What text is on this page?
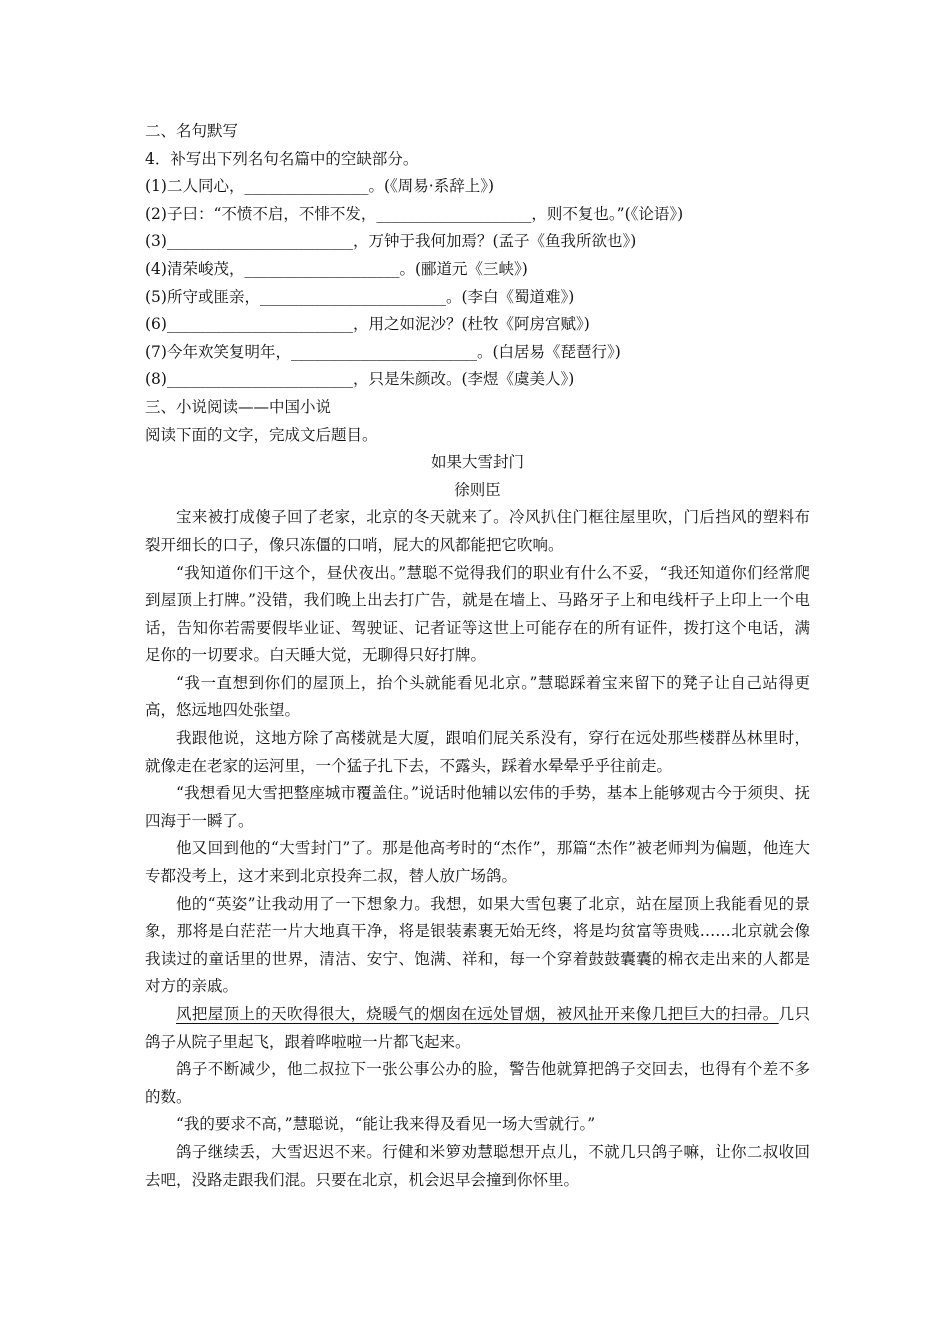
二、名句默写
4．补写出下列名句名篇中的空缺部分。
(1)二人同心，________________。(《周易·系辞上》)
(2)子曰：“不愤不启，不悱不发，____________________，则不复也。”(《论语》)
(3)________________________，万钟于我何加焉？(孟子《鱼我所欲也》)
(4)清荣峻茂，____________________。(郦道元《三峡》)
(5)所守或匪亲，________________________。(李白《蜀道难》)
(6)________________________，用之如泥沙？(杜牧《阿房宫赋》)
(7)今年欢笑复明年，________________________。(白居易《琵琶行》)
(8)________________________，只是朱颜改。(李煜《虞美人》)
三、小说阅读——中国小说
阅读下面的文字，完成文后题目。
如果大雪封门
徐则臣

宝来被打成傻子回了老家，北京的冬天就来了。冷风扒住门框往屋里吹，门后挡风的塑料布裂开细长的口子，像只冻僵的口哨，屁大的风都能把它吹响。

“我知道你们干这个，昼伏夜出。”慧聪不觉得我们的职业有什么不妥，“我还知道你们经常爬到屋顶上打牌。”没错，我们晚上出去打广告，就是在墙上、马路牙子上和电线杆子上印上一个电话，告知你若需要假毕业证、驾驶证、记者证等这世上可能存在的所有证件，拨打这个电话，满足你的一切要求。白天睡大觉，无聊得只好打牌。

“我一直想到你们的屋顶上，抬个头就能看见北京。”慧聪踩着宝来留下的凳子让自己站得更高，悠远地四处张望。

我跟他说，这地方除了高楼就是大厦，跟咱们屁关系没有，穿行在远处那些楼群丛林里时，就像走在老家的运河里，一个猛子扎下去，不露头，踩着水晕晕乎乎往前走。

“我想看见大雪把整座城市覆盖住。”说话时他辅以宏伟的手势，基本上能够观古今于须臾、抚四海于一瞬了。

他又回到他的“大雪封门”了。那是他高考时的“杰作”，那篇“杰作”被老师判为偏题，他连大专都没考上，这才来到北京投奔二叔，替人放广场鸽。

他的“英姿”让我动用了一下想象力。我想，如果大雪包裹了北京，站在屋顶上我能看见的景象，那将是白茫茫一片大地真干净，将是银装素裹无始无终，将是均贫富等贵贱……北京就会像我读过的童话里的世界，清洁、安宁、饱满、祥和，每一个穿着鼓鼓囊囊的棉衣走出来的人都是对方的亲戚。

风把屋顶上的天吹得很大，烧暖气的烟囱在远处冒烟，被风扯开来像几把巨大的扫帚。几只鸽子从院子里起飞，跟着哗啦啦一片都飞起来。

鸽子不断减少，他二叔拉下一张公事公办的脸，警告他就算把鸽子交回去，也得有个差不多的数。

“我的要求不高，”慧聪说，“能让我来得及看见一场大雪就行。”

鸽子继续丢，大雪迟迟不来。行健和米箩劝慧聪想开点儿，不就几只鸽子嘛，让你二叔收回去吧，没路走跟我们混。只要在北京，机会迟早会撞到你怀里。
